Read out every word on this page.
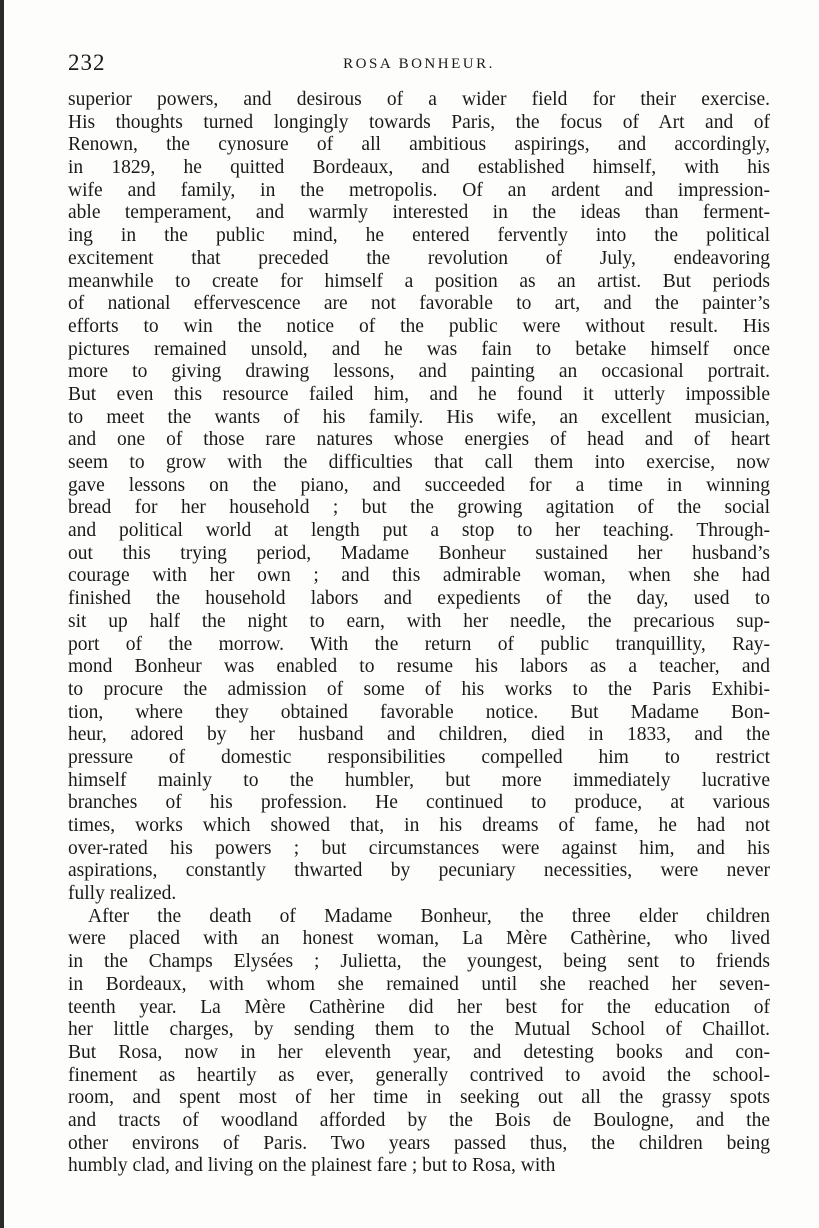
232	ROSA BONHEUR.
superior powers, and desirous of a wider field for their exercise.
His thoughts turned longingly towards Paris, the focus of Art and of
Renown, the cynosure of all ambitious aspirings, and accordingly,
in 1829, he quitted Bordeaux, and established himself, with his
wife and family, in the metropolis. Of an ardent and impression-
able temperament, and warmly interested in the ideas than ferment-
ing in the public mind, he entered fervently into the political
excitement that preceded the revolution of July, endeavoring
meanwhile to create for himself a position as an artist. But periods
of national effervescence are not favorable to art, and the painter’s
efforts to win the notice of the public were without result. His
pictures remained unsold, and he was fain to betake himself once
more to giving drawing lessons, and painting an occasional portrait.
But even this resource failed him, and he found it utterly impossible
to meet the wants of his family. His wife, an excellent musician,
and one of those rare natures whose energies of head and of heart
seem to grow with the difficulties that call them into exercise, now
gave lessons on the piano, and succeeded for a time in winning
bread for her household ; but the growing agitation of the social
and political world at length put a stop to her teaching. Through-
out this trying period, Madame Bonheur sustained her husband’s
courage with her own ; and this admirable woman, when she had
finished the household labors and expedients of the day, used to
sit up half the night to earn, with her needle, the precarious sup-
port of the morrow. With the return of public tranquillity, Ray-
mond Bonheur was enabled to resume his labors as a teacher, and
to procure the admission of some of his works to the Paris Exhibi-
tion, where they obtained favorable notice. But Madame Bon-
heur, adored by her husband and children, died in 1833, and the
pressure of domestic responsibilities compelled him to restrict
himself mainly to the humbler, but more immediately lucrative
branches of his profession. He continued to produce, at various
times, works which showed that, in his dreams of fame, he had not
over-rated his powers ; but circumstances were against him, and his
aspirations, constantly thwarted by pecuniary necessities, were never
fully realized.
After the death of Madame Bonheur, the three elder children
were placed with an honest woman, La Mère Cathèrine, who lived
in the Champs Elysées ; Julietta, the youngest, being sent to friends
in Bordeaux, with whom she remained until she reached her seven-
teenth year. La Mère Cathèrine did her best for the education of
her little charges, by sending them to the Mutual School of Chaillot.
But Rosa, now in her eleventh year, and detesting books and con-
finement as heartily as ever, generally contrived to avoid the school-
room, and spent most of her time in seeking out all the grassy spots
and tracts of woodland afforded by the Bois de Boulogne, and the
other environs of Paris. Two years passed thus, the children being
humbly clad, and living on the plainest fare ; but to Rosa, with
